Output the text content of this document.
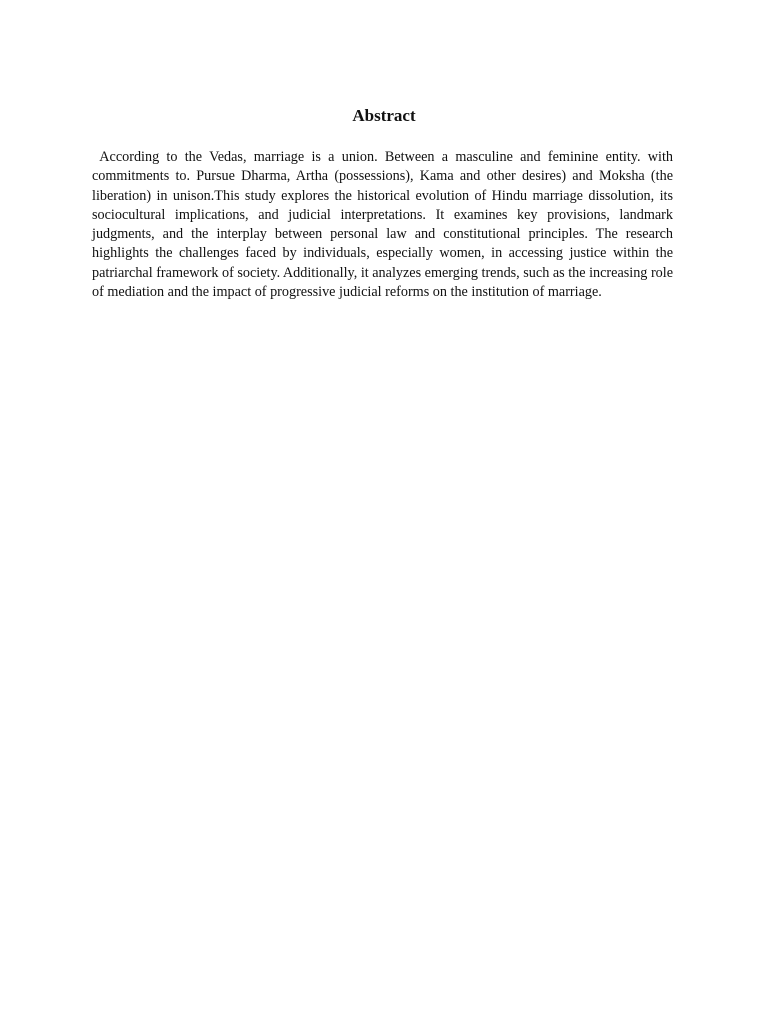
Abstract

According to the Vedas, marriage is a union. Between a masculine and feminine entity. with commitments to. Pursue Dharma, Artha (possessions), Kama and other desires) and Moksha (the liberation) in unison.This study explores the historical evolution of Hindu marriage dissolution, its sociocultural implications, and judicial interpretations. It examines key provisions, landmark judgments, and the interplay between personal law and constitutional principles. The research highlights the challenges faced by individuals, especially women, in accessing justice within the patriarchal framework of society. Additionally, it analyzes emerging trends, such as the increasing role of mediation and the impact of progressive judicial reforms on the institution of marriage.
